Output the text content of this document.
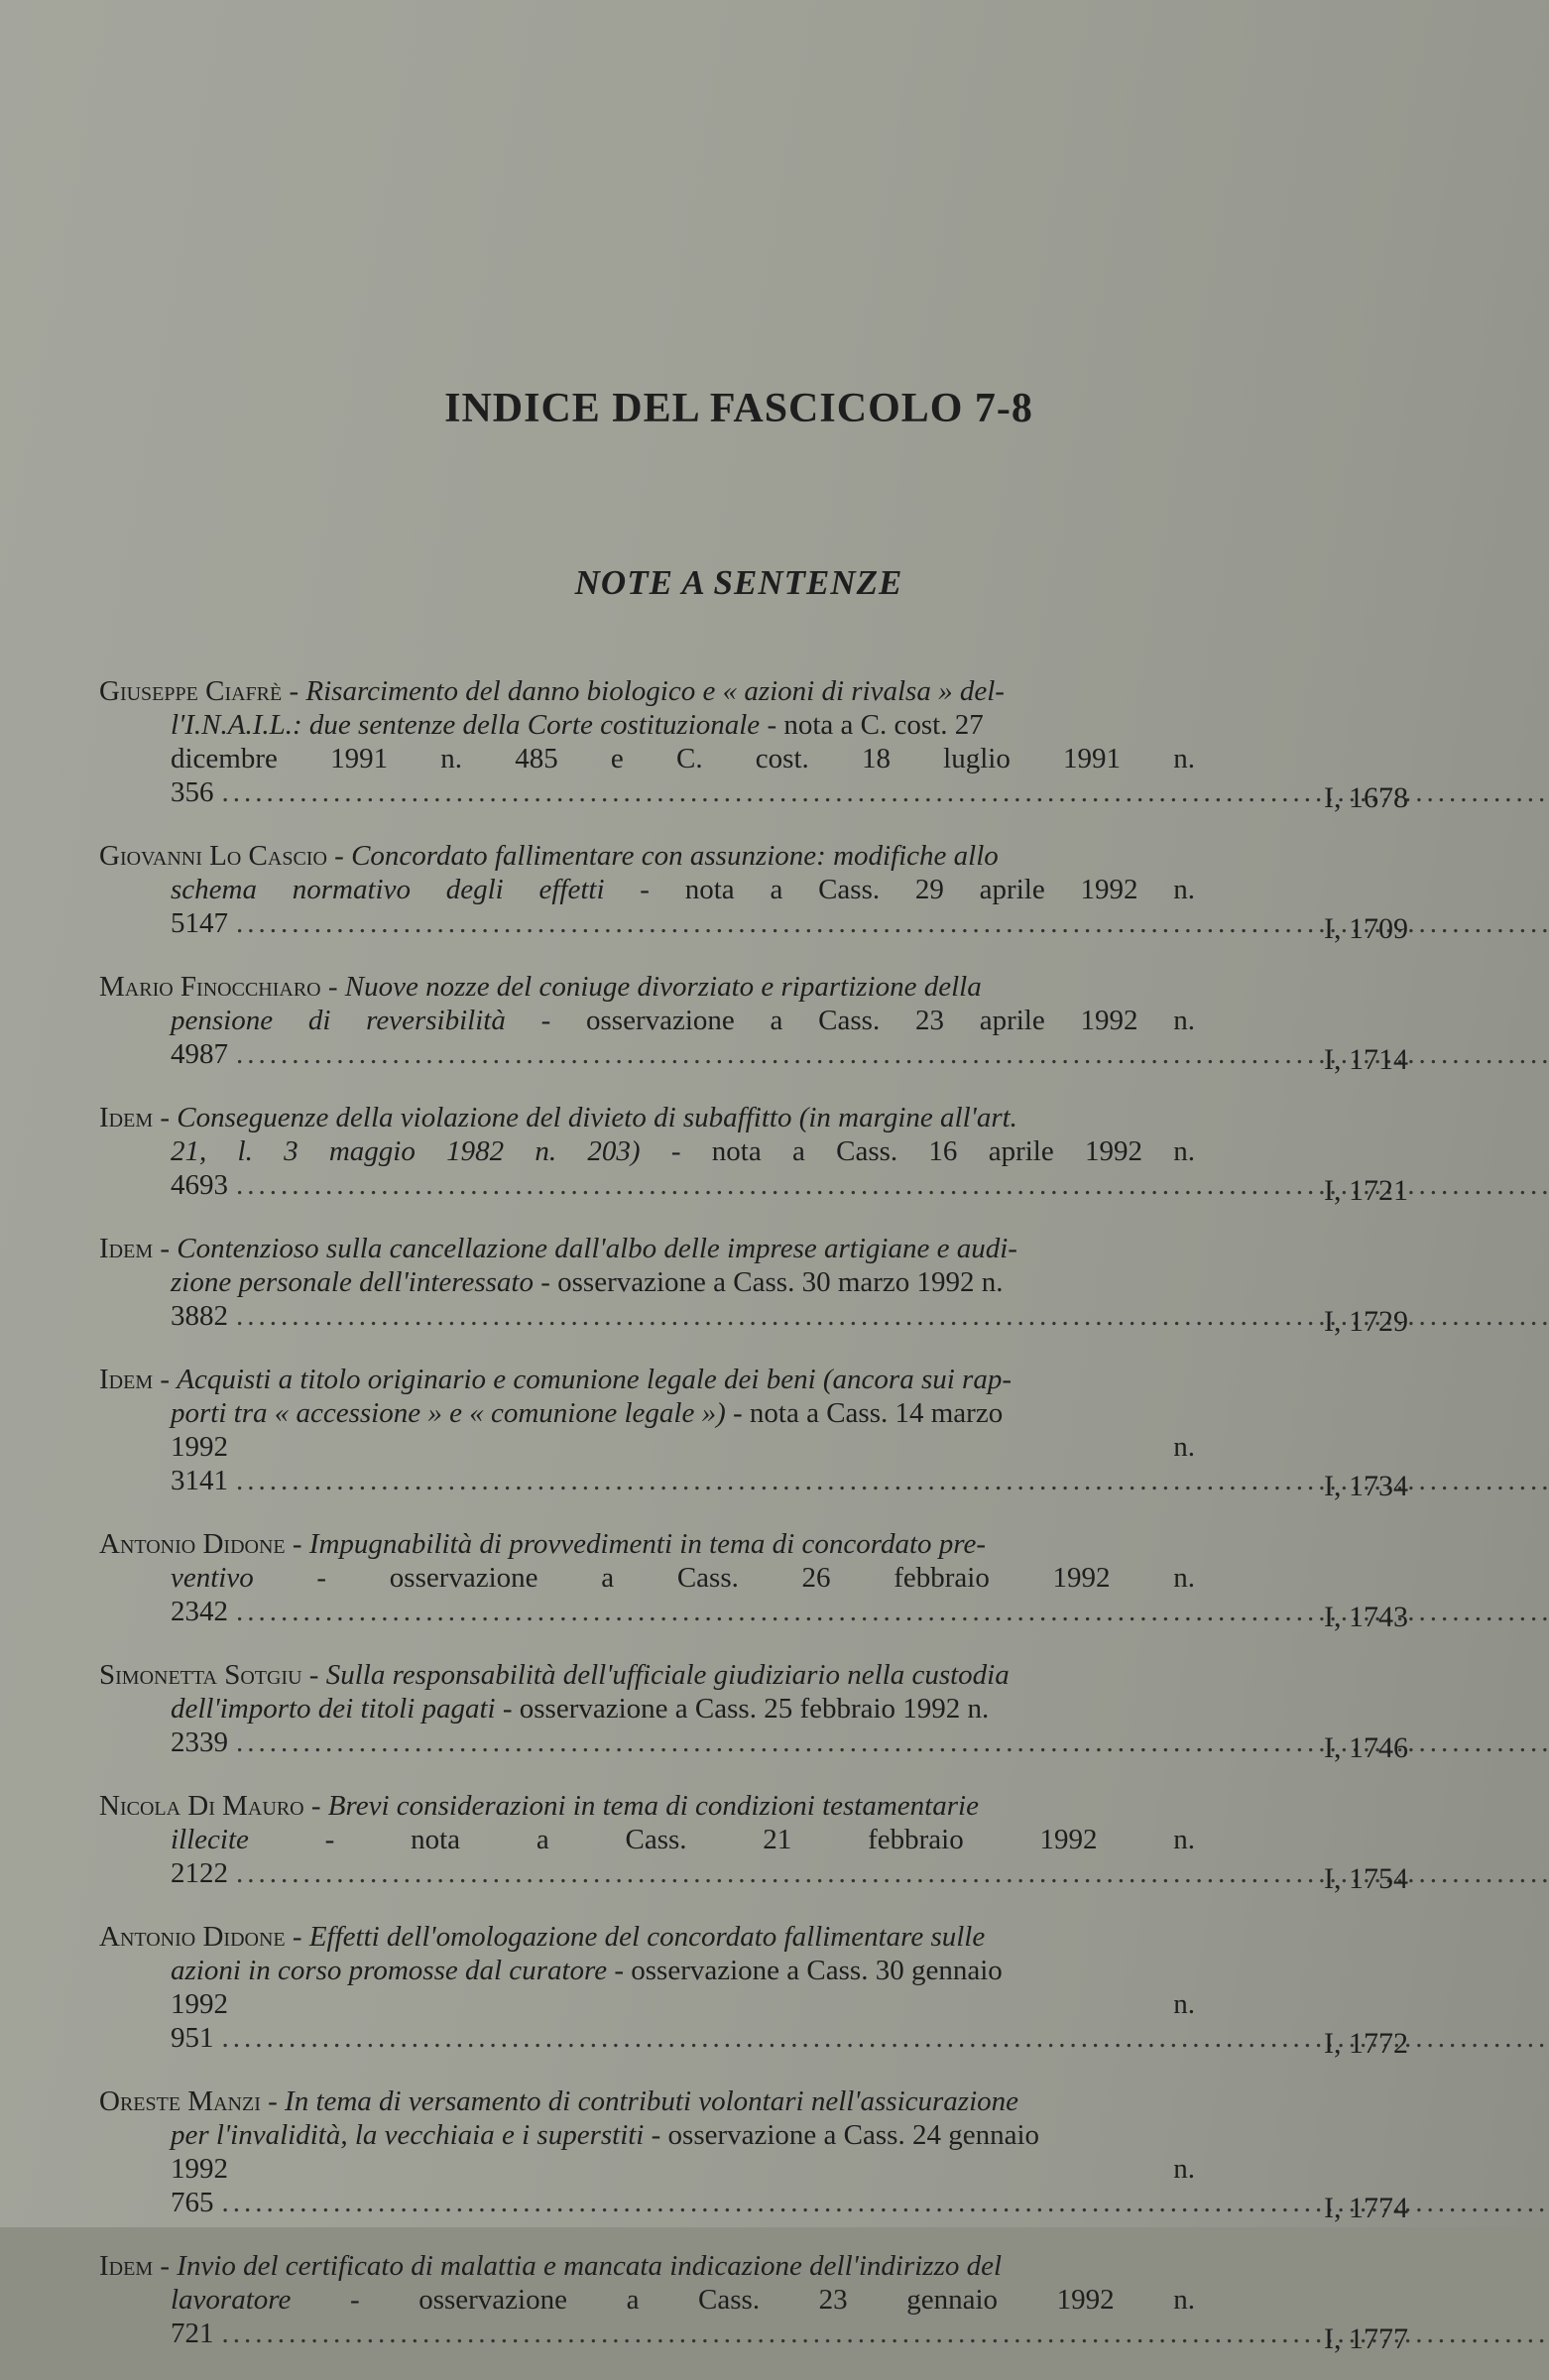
INDICE DEL FASCICOLO 7-8
NOTE A SENTENZE
Giuseppe Ciafrè - Risarcimento del danno biologico e « azioni di rivalsa » del-
l'I.N.A.I.L.: due sentenze della Corte costituzionale - nota a C. cost. 27
dicembre 1991 n. 485 e C. cost. 18 luglio 1991 n. 356 .....	I, 1678
Giovanni Lo Cascio - Concordato fallimentare con assunzione: modifiche allo
schema normativo degli effetti - nota a Cass. 29 aprile 1992 n. 5147 .....	I, 1709
Mario Finocchiaro - Nuove nozze del coniuge divorziato e ripartizione della
pensione di reversibilità - osservazione a Cass. 23 aprile 1992 n. 4987 .....	I, 1714
Idem - Conseguenze della violazione del divieto di subaffitto (in margine all'art.
21, l. 3 maggio 1982 n. 203) - nota a Cass. 16 aprile 1992 n. 4693 .....	I, 1721
Idem - Contenzioso sulla cancellazione dall'albo delle imprese artigiane e audi-
zione personale dell'interessato - osservazione a Cass. 30 marzo 1992 n.
3882 .....	I, 1729
Idem - Acquisti a titolo originario e comunione legale dei beni (ancora sui rap-
porti tra « accessione » e « comunione legale ») - nota a Cass. 14 marzo
1992 n. 3141 .....	I, 1734
Antonio Didone - Impugnabilità di provvedimenti in tema di concordato pre-
ventivo - osservazione a Cass. 26 febbraio 1992 n. 2342 .....	I, 1743
Simonetta Sotgiu - Sulla responsabilità dell'ufficiale giudiziario nella custodia
dell'importo dei titoli pagati - osservazione a Cass. 25 febbraio 1992 n.
2339 .....	I, 1746
Nicola Di Mauro - Brevi considerazioni in tema di condizioni testamentarie
illecite - nota a Cass. 21 febbraio 1992 n. 2122 .....	I, 1754
Antonio Didone - Effetti dell'omologazione del concordato fallimentare sulle
azioni in corso promosse dal curatore - osservazione a Cass. 30 gennaio
1992 n. 951 .....	I, 1772
Oreste Manzi - In tema di versamento di contributi volontari nell'assicurazione
per l'invalidità, la vecchiaia e i superstiti - osservazione a Cass. 24 gennaio
1992 n. 765 .....	I, 1774
Idem - Invio del certificato di malattia e mancata indicazione dell'indirizzo del
lavoratore - osservazione a Cass. 23 gennaio 1992 n. 721 .....	I, 1777
